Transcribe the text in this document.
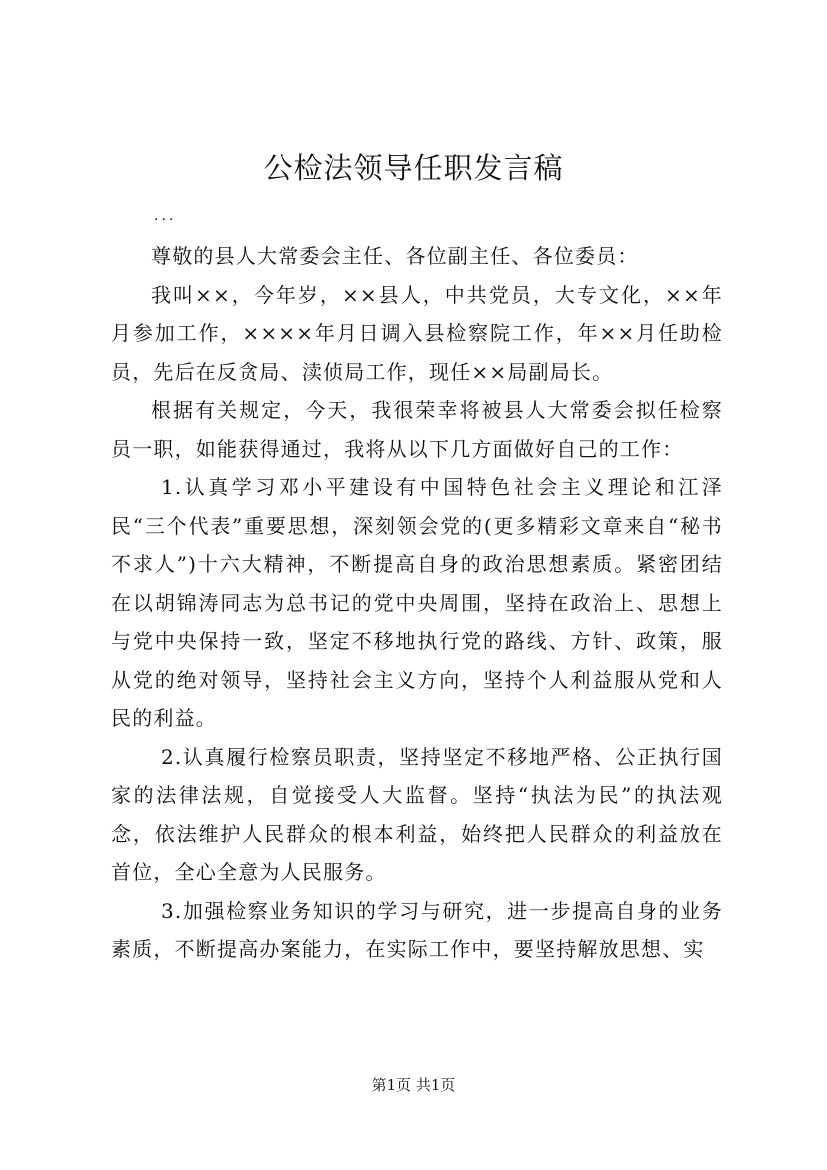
公检法领导任职发言稿
...

尊敬的县人大常委会主任、各位副主任、各位委员：

我叫××，今年岁，××县人，中共党员，大专文化，××年月参加工作，××××年月日调入县检察院工作，年××月任助检员，先后在反贪局、渎侦局工作，现任××局副局长。

根据有关规定，今天，我很荣幸将被县人大常委会拟任检察员一职，如能获得通过，我将从以下几方面做好自己的工作：

1.认真学习邓小平建设有中国特色社会主义理论和江泽民“三个代表”重要思想，深刻领会党的(更多精彩文章来自“秘书不求人”)十六大精神，不断提高自身的政治思想素质。紧密团结在以胡锦涛同志为总书记的党中央周围，坚持在政治上、思想上与党中央保持一致，坚定不移地执行党的路线、方针、政策，服从党的绝对领导，坚持社会主义方向，坚持个人利益服从党和人民的利益。

2.认真履行检察员职责，坚持坚定不移地严格、公正执行国家的法律法规，自觉接受人大监督。坚持“执法为民”的执法观念，依法维护人民群众的根本利益，始终把人民群众的利益放在首位，全心全意为人民服务。

3.加强检察业务知识的学习与研究，进一步提高自身的业务素质，不断提高办案能力，在实际工作中，要坚持解放思想、实

第1页 共1页
